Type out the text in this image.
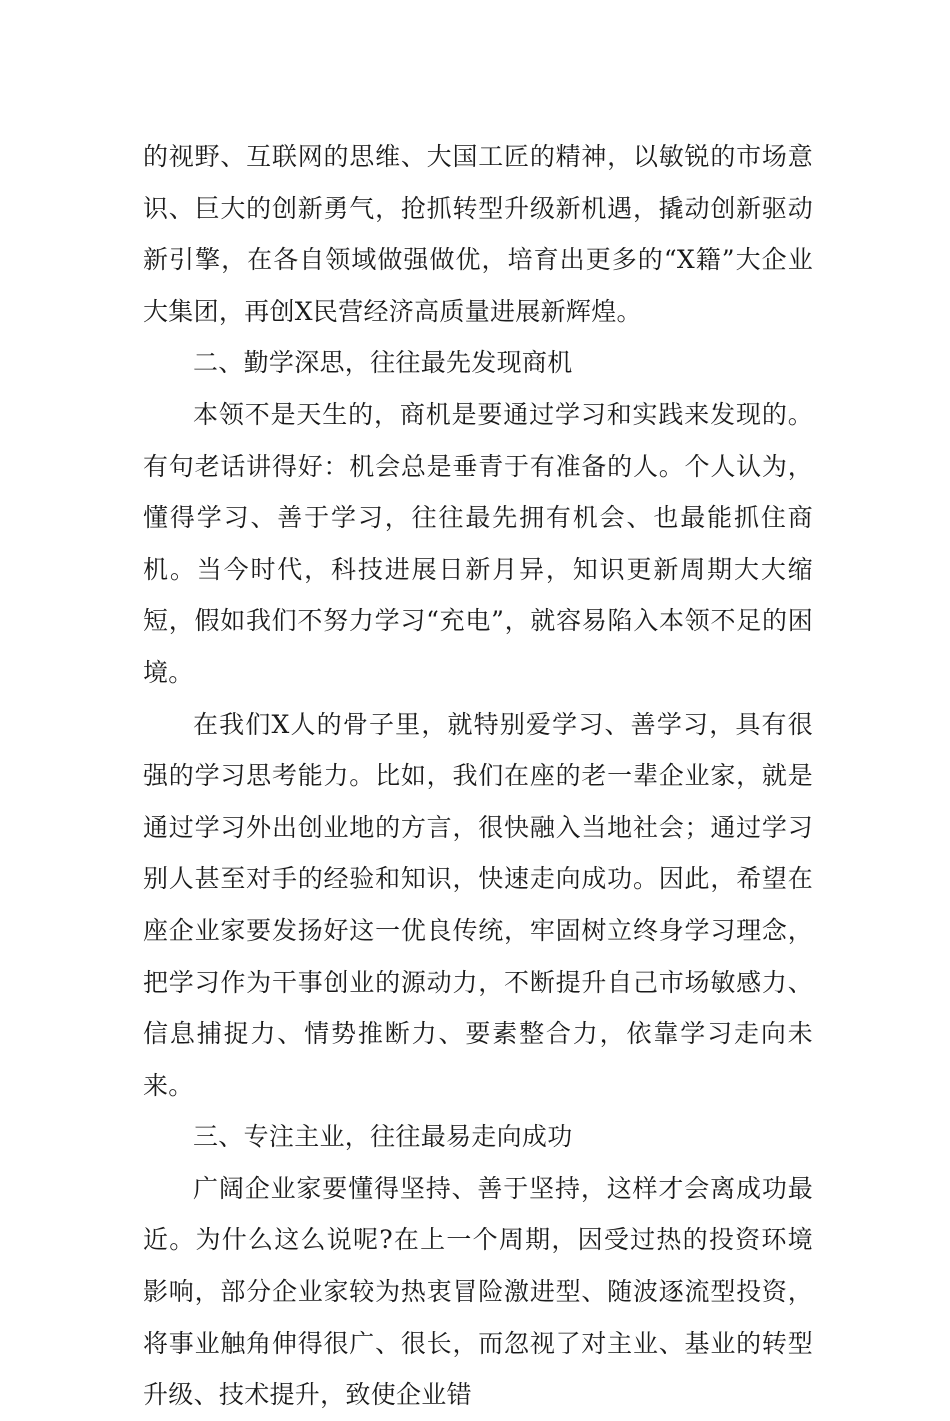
的视野、互联网的思维、大国工匠的精神，以敏锐的市场意识、巨大的创新勇气，抢抓转型升级新机遇，撬动创新驱动新引擎，在各自领域做强做优，培育出更多的“X籍”大企业大集团，再创X民营经济高质量进展新辉煌。

二、勤学深思，往往最先发现商机

本领不是天生的，商机是要通过学习和实践来发现的。有句老话讲得好：机会总是垂青于有准备的人。个人认为，懂得学习、善于学习，往往最先拥有机会、也最能抓住商机。当今时代，科技进展日新月异，知识更新周期大大缩短，假如我们不努力学习“充电”，就容易陷入本领不足的困境。

在我们X人的骨子里，就特别爱学习、善学习，具有很强的学习思考能力。比如，我们在座的老一辈企业家，就是通过学习外出创业地的方言，很快融入当地社会；通过学习别人甚至对手的经验和知识，快速走向成功。因此，希望在座企业家要发扬好这一优良传统，牢固树立终身学习理念，把学习作为干事创业的源动力，不断提升自己市场敏感力、信息捕捉力、情势推断力、要素整合力，依靠学习走向未来。

三、专注主业，往往最易走向成功

广阔企业家要懂得坚持、善于坚持，这样才会离成功最近。为什么这么说呢?在上一个周期，因受过热的投资环境影响，部分企业家较为热衷冒险激进型、随波逐流型投资，将事业触角伸得很广、很长，而忽视了对主业、基业的转型升级、技术提升，致使企业错
